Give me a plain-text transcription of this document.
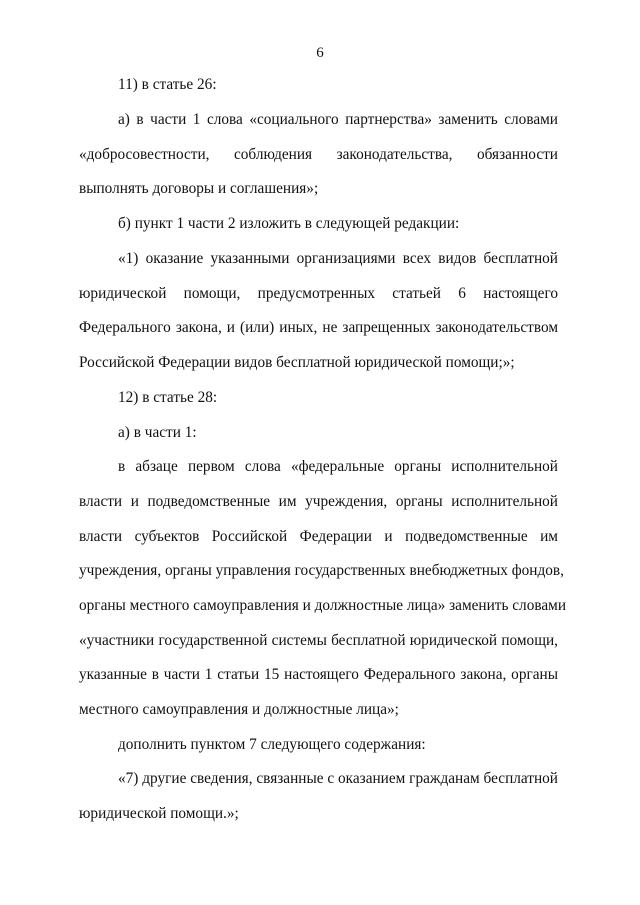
6

11) в статье 26:

а) в части 1 слова «социального партнерства» заменить словами

«добросовестности, соблюдения законодательства, обязанности

выполнять договоры и соглашения»;

б) пункт 1 части 2 изложить в следующей редакции:

«1) оказание указанными организациями всех видов бесплатной

юридической помощи, предусмотренных статьей 6 настоящего

Федерального закона, и (или) иных, не запрещенных законодательством

Российской Федерации видов бесплатной юридической помощи;»;

12) в статье 28:

а) в части 1:

в абзаце первом слова «федеральные органы исполнительной

власти и подведомственные им учреждения, органы исполнительной

власти субъектов Российской Федерации и подведомственные им

учреждения, органы управления государственных внебюджетных фондов,

органы местного самоуправления и должностные лица» заменить словами

«участники государственной системы бесплатной юридической помощи,

указанные в части 1 статьи 15 настоящего Федерального закона, органы

местного самоуправления и должностные лица»;

дополнить пунктом 7 следующего содержания:

«7) другие сведения, связанные с оказанием гражданам бесплатной

юридической помощи.»;
